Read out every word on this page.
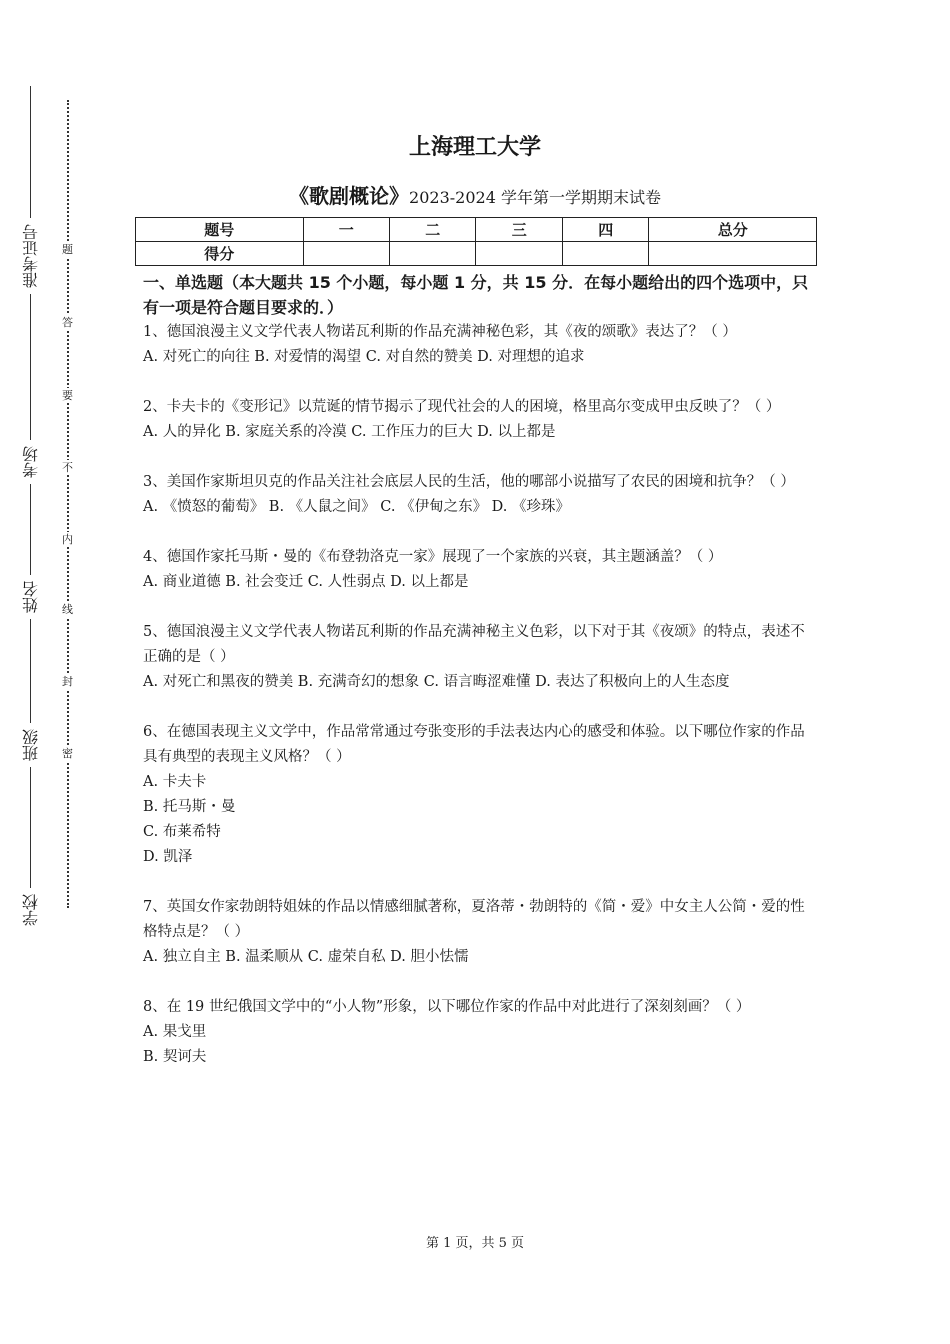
准考证号
考场
姓名
班级
学校
题
答
要
不
内
线
封
密
上海理工大学
《歌剧概论》2023-2024 学年第一学期期末试卷
题号	一	二	三	四	总分
得分					
一、单选题（本大题共 15 个小题，每小题 1 分，共 15 分．在每小题给出的四个选项中，只有一项是符合题目要求的．）
1、德国浪漫主义文学代表人物诺瓦利斯的作品充满神秘色彩，其《夜的颂歌》表达了？（ ）
A. 对死亡的向往 B. 对爱情的渴望 C. 对自然的赞美 D. 对理想的追求
2、卡夫卡的《变形记》以荒诞的情节揭示了现代社会的人的困境，格里高尔变成甲虫反映了？（ ）
A. 人的异化 B. 家庭关系的冷漠 C. 工作压力的巨大 D. 以上都是
3、美国作家斯坦贝克的作品关注社会底层人民的生活，他的哪部小说描写了农民的困境和抗争？（ ）
A. 《愤怒的葡萄》 B. 《人鼠之间》 C. 《伊甸之东》 D. 《珍珠》
4、德国作家托马斯・曼的《布登勃洛克一家》展现了一个家族的兴衰，其主题涵盖？（ ）
A. 商业道德 B. 社会变迁 C. 人性弱点 D. 以上都是
5、德国浪漫主义文学代表人物诺瓦利斯的作品充满神秘主义色彩，以下对于其《夜颂》的特点，表述不正确的是（ ）
A. 对死亡和黑夜的赞美 B. 充满奇幻的想象 C. 语言晦涩难懂 D. 表达了积极向上的人生态度
6、在德国表现主义文学中，作品常常通过夸张变形的手法表达内心的感受和体验。以下哪位作家的作品具有典型的表现主义风格？（ ）
A. 卡夫卡
B. 托马斯・曼
C. 布莱希特
D. 凯泽
7、英国女作家勃朗特姐妹的作品以情感细腻著称，夏洛蒂・勃朗特的《简・爱》中女主人公简・爱的性格特点是？（ ）
A. 独立自主 B. 温柔顺从 C. 虚荣自私 D. 胆小怯懦
8、在 19 世纪俄国文学中的“小人物”形象，以下哪位作家的作品中对此进行了深刻刻画？（ ）
A. 果戈里
B. 契诃夫
第 1 页，共 5 页
